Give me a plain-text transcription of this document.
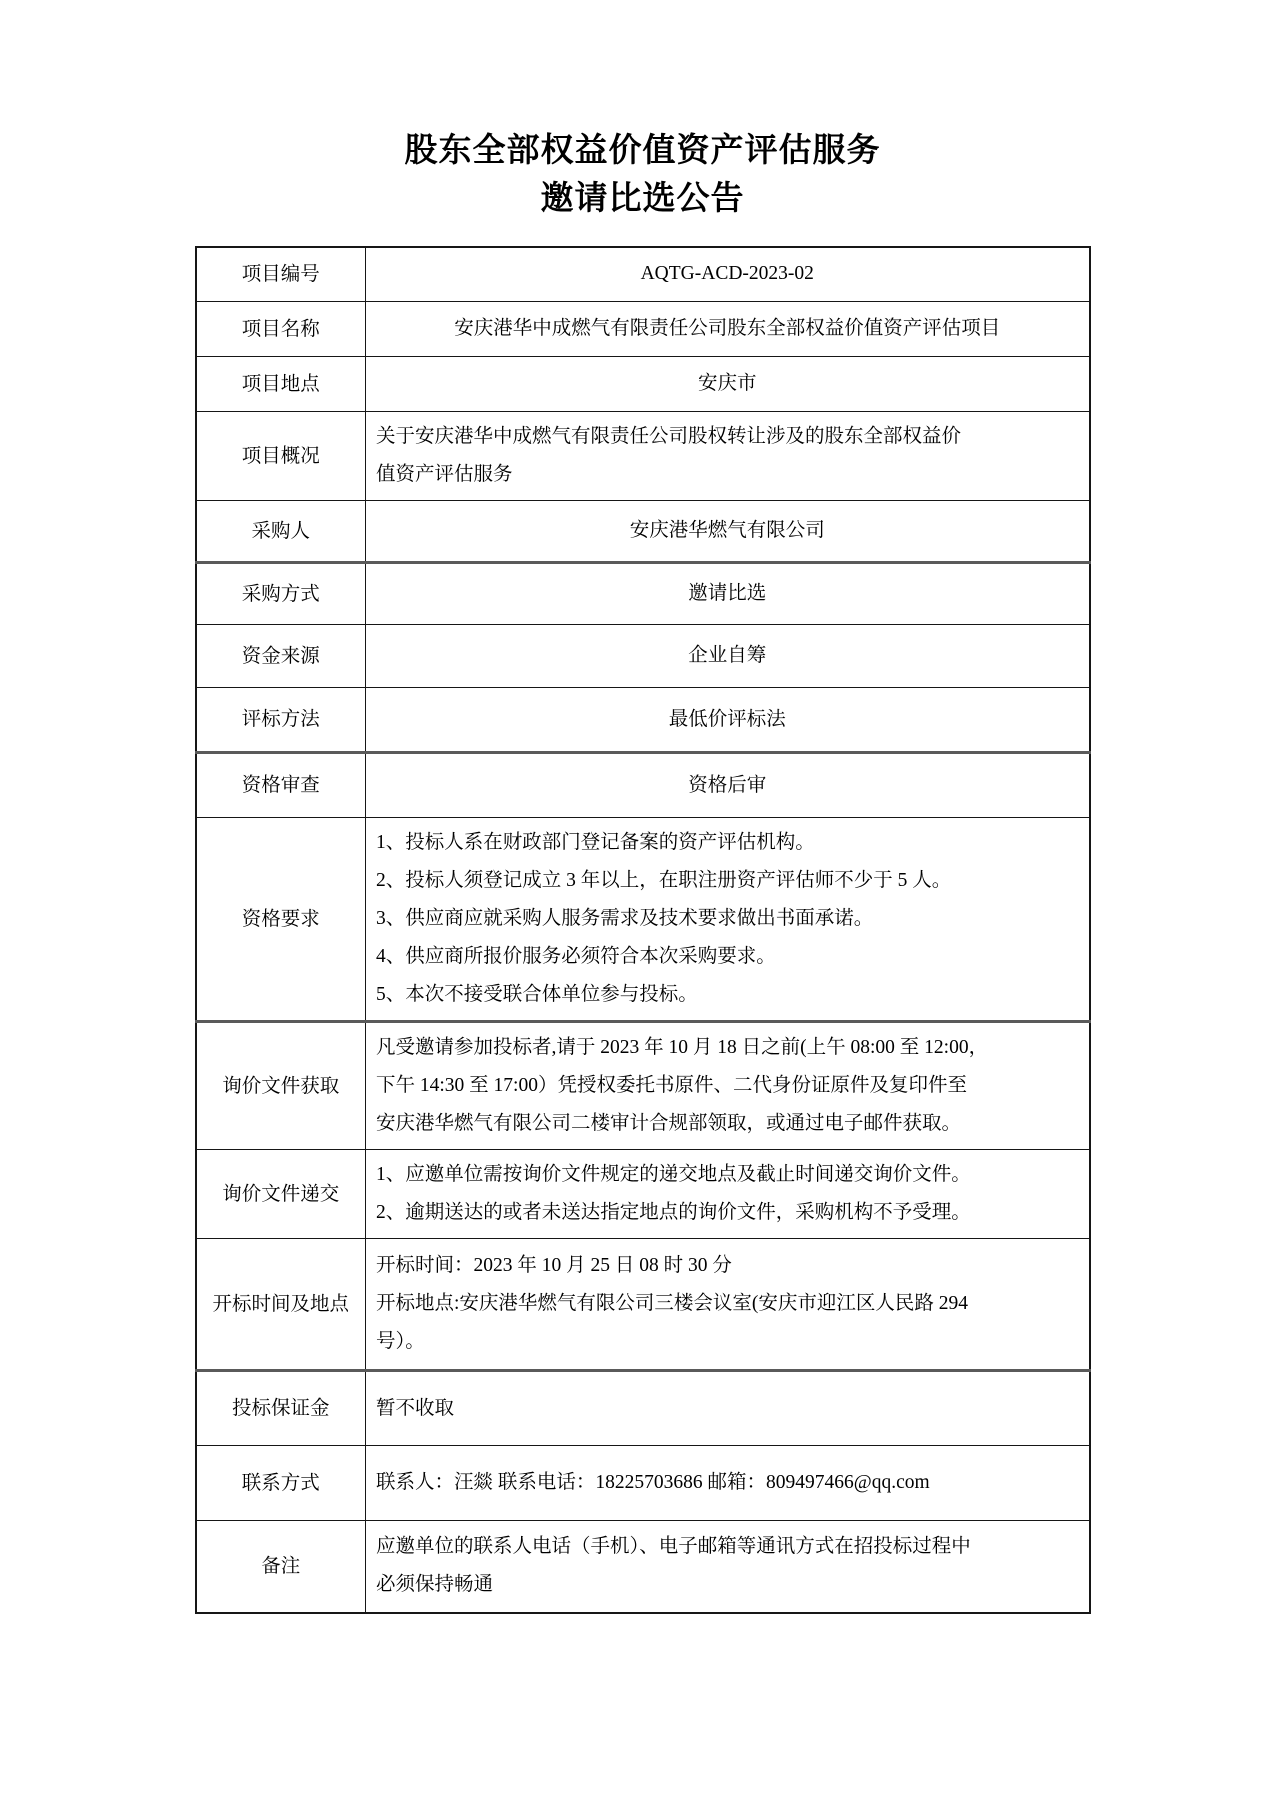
股东全部权益价值资产评估服务
邀请比选公告
项目编号	AQTG-ACD-2023-02

项目名称	安庆港华中成燃气有限责任公司股东全部权益价值资产评估项目

项目地点	安庆市

项目概况	关于安庆港华中成燃气有限责任公司股权转让涉及的股东全部权益价
值资产评估服务

采购人	安庆港华燃气有限公司

采购方式	邀请比选

资金来源	企业自筹

评标方法	最低价评标法

资格审查	资格后审

资格要求	1、投标人系在财政部门登记备案的资产评估机构。
2、投标人须登记成立 3 年以上，在职注册资产评估师不少于 5 人。
3、供应商应就采购人服务需求及技术要求做出书面承诺。
4、供应商所报价服务必须符合本次采购要求。
5、本次不接受联合体单位参与投标。

询价文件获取	凡受邀请参加投标者,请于 2023 年 10 月 18 日之前(上午 08:00 至 12:00，
下午 14:30 至 17:00）凭授权委托书原件、二代身份证原件及复印件至
安庆港华燃气有限公司二楼审计合规部领取，或通过电子邮件获取。

询价文件递交	1、应邀单位需按询价文件规定的递交地点及截止时间递交询价文件。
2、逾期送达的或者未送达指定地点的询价文件，采购机构不予受理。

开标时间及地点	开标时间：2023 年 10 月 25 日 08 时 30 分
开标地点:安庆港华燃气有限公司三楼会议室(安庆市迎江区人民路 294
号）。

投标保证金	暂不收取

联系方式	联系人：汪燚 联系电话：18225703686 邮箱：809497466@qq.com

备注	应邀单位的联系人电话（手机）、电子邮箱等通讯方式在招投标过程中
必须保持畅通
